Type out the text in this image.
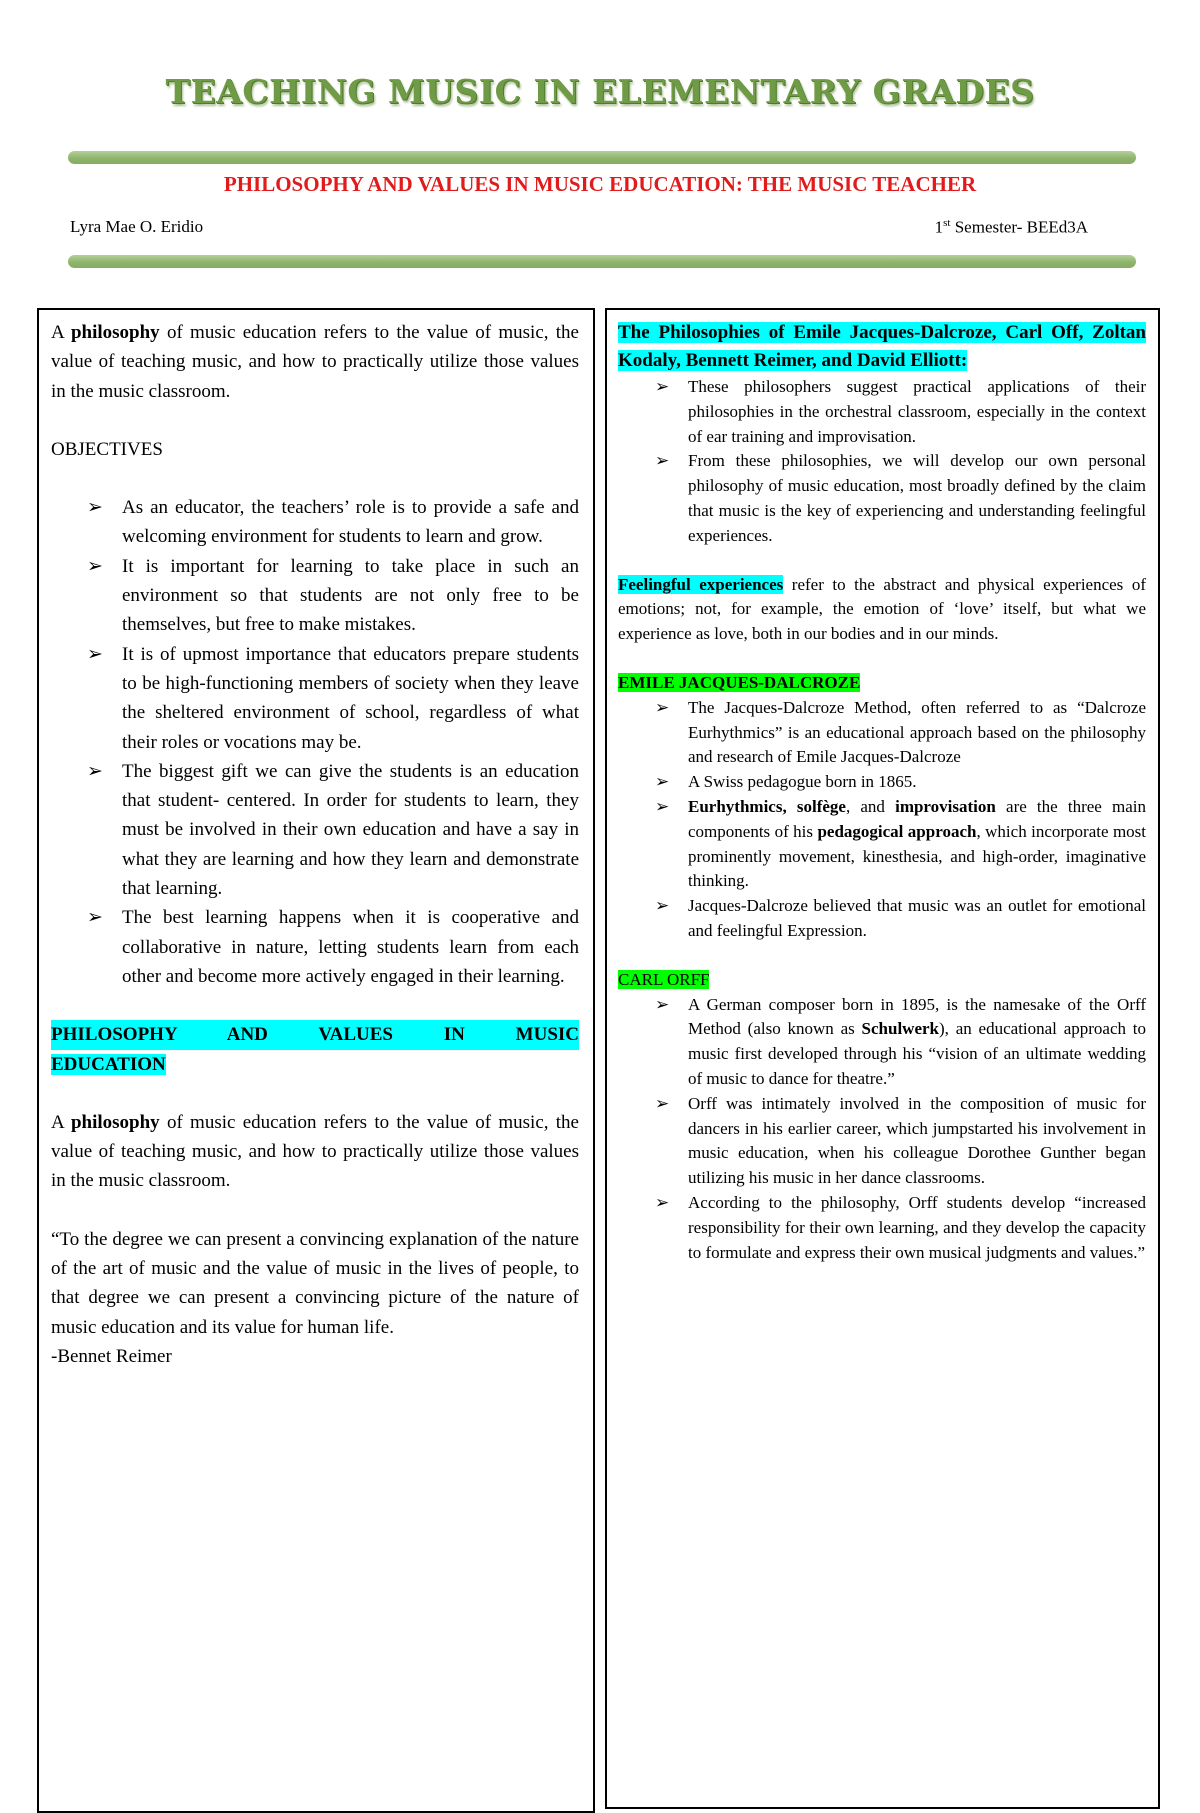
TEACHING MUSIC IN ELEMENTARY GRADES
PHILOSOPHY AND VALUES IN MUSIC EDUCATION: THE MUSIC TEACHER
Lyra Mae O. Eridio	1st Semester- BEEd3A

A philosophy of music education refers to the value of music, the value of teaching music, and how to practically utilize those values in the music classroom.

OBJECTIVES

➢ As an educator, the teachers’ role is to provide a safe and welcoming environment for students to learn and grow.
➢ It is important for learning to take place in such an environment so that students are not only free to be themselves, but free to make mistakes.
➢ It is of upmost importance that educators prepare students to be high-functioning members of society when they leave the sheltered environment of school, regardless of what their roles or vocations may be.
➢ The biggest gift we can give the students is an education that student- centered. In order for students to learn, they must be involved in their own education and have a say in what they are learning and how they learn and demonstrate that learning.
➢ The best learning happens when it is cooperative and collaborative in nature, letting students learn from each other and become more actively engaged in their learning.

PHILOSOPHY AND VALUES IN MUSIC
EDUCATION

A philosophy of music education refers to the value of music, the value of teaching music, and how to practically utilize those values in the music classroom.

“To the degree we can present a convincing explanation of the nature of the art of music and the value of music in the lives of people, to that degree we can present a convincing picture of the nature of music education and its value for human life.

-Bennet Reimer

The Philosophies of Emile Jacques-Dalcroze, Carl Off, Zoltan Kodaly, Bennett Reimer, and David Elliott:

➢ These philosophers suggest practical applications of their philosophies in the orchestral classroom, especially in the context of ear training and improvisation.
➢ From these philosophies, we will develop our own personal philosophy of music education, most broadly defined by the claim that music is the key of experiencing and understanding feelingful experiences.

Feelingful experiences refer to the abstract and physical experiences of emotions; not, for example, the emotion of ‘love’ itself, but what we experience as love, both in our bodies and in our minds.

EMILE JACQUES-DALCROZE

➢ The Jacques-Dalcroze Method, often referred to as “Dalcroze Eurhythmics” is an educational approach based on the philosophy and research of Emile Jacques-Dalcroze
➢ A Swiss pedagogue born in 1865.
➢ Eurhythmics, solfège, and improvisation are the three main components of his pedagogical approach, which incorporate most prominently movement, kinesthesia, and high-order, imaginative thinking.
➢ Jacques-Dalcroze believed that music was an outlet for emotional and feelingful Expression.

CARL ORFF

➢ A German composer born in 1895, is the namesake of the Orff Method (also known as Schulwerk), an educational approach to music first developed through his “vision of an ultimate wedding of music to dance for theatre.”
➢ Orff was intimately involved in the composition of music for dancers in his earlier career, which jumpstarted his involvement in music education, when his colleague Dorothee Gunther began utilizing his music in her dance classrooms.
➢ According to the philosophy, Orff students develop “increased responsibility for their own learning, and they develop the capacity to formulate and express their own musical judgments and values.”
